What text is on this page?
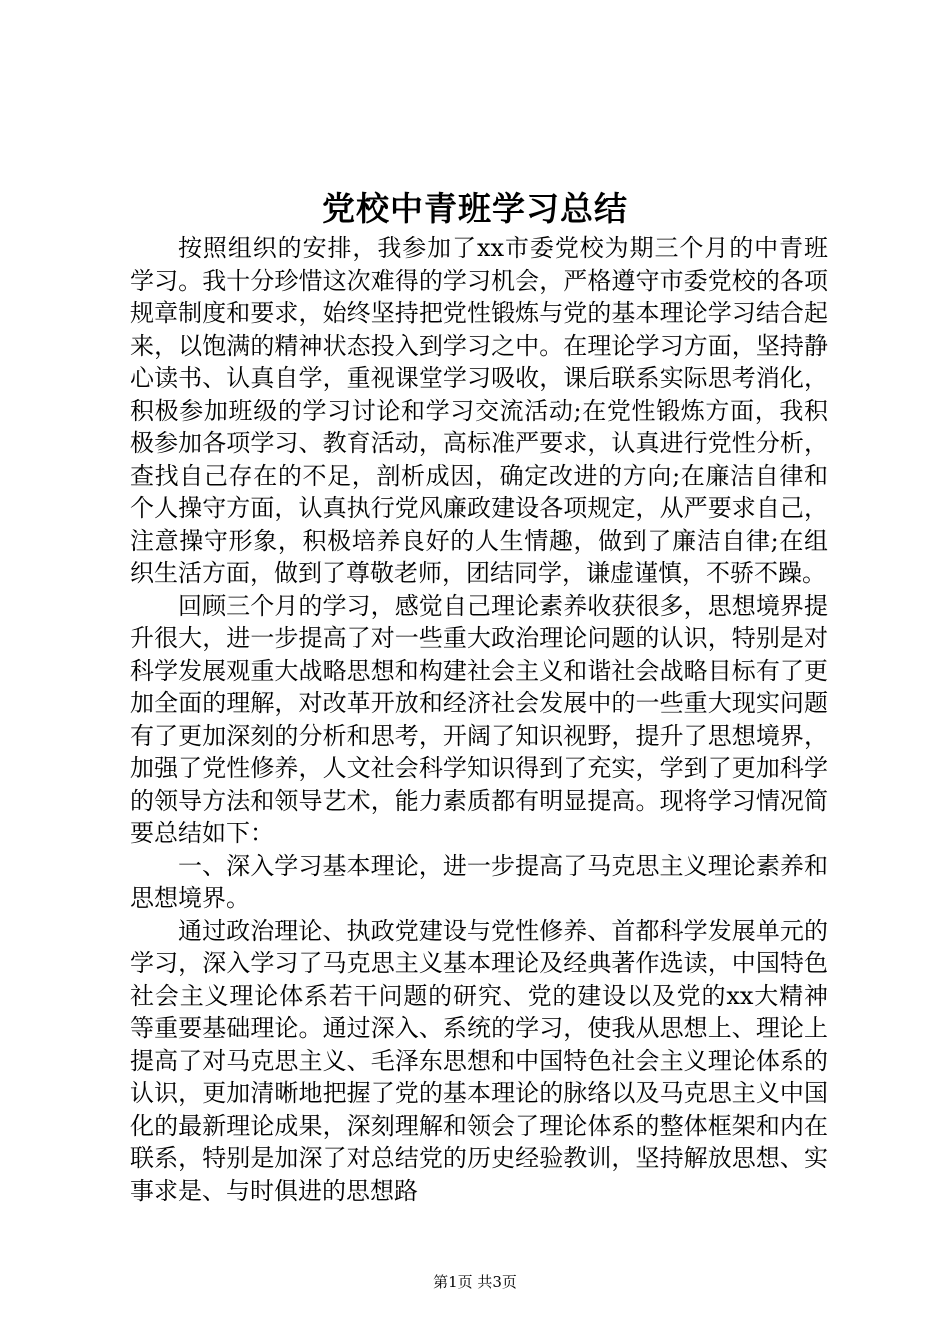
党校中青班学习总结

按照组织的安排，我参加了xx市委党校为期三个月的中青班学习。我十分珍惜这次难得的学习机会，严格遵守市委党校的各项规章制度和要求，始终坚持把党性锻炼与党的基本理论学习结合起来，以饱满的精神状态投入到学习之中。在理论学习方面，坚持静心读书、认真自学，重视课堂学习吸收，课后联系实际思考消化，积极参加班级的学习讨论和学习交流活动;在党性锻炼方面，我积极参加各项学习、教育活动，高标准严要求，认真进行党性分析，查找自己存在的不足，剖析成因，确定改进的方向;在廉洁自律和个人操守方面，认真执行党风廉政建设各项规定，从严要求自己，注意操守形象，积极培养良好的人生情趣，做到了廉洁自律;在组织生活方面，做到了尊敬老师，团结同学，谦虚谨慎，不骄不躁。

回顾三个月的学习，感觉自己理论素养收获很多，思想境界提升很大，进一步提高了对一些重大政治理论问题的认识，特别是对科学发展观重大战略思想和构建社会主义和谐社会战略目标有了更加全面的理解，对改革开放和经济社会发展中的一些重大现实问题有了更加深刻的分析和思考，开阔了知识视野，提升了思想境界，加强了党性修养，人文社会科学知识得到了充实，学到了更加科学的领导方法和领导艺术，能力素质都有明显提高。现将学习情况简要总结如下：

一、深入学习基本理论，进一步提高了马克思主义理论素养和思想境界。

通过政治理论、执政党建设与党性修养、首都科学发展单元的学习，深入学习了马克思主义基本理论及经典著作选读，中国特色社会主义理论体系若干问题的研究、党的建设以及党的xx大精神等重要基础理论。通过深入、系统的学习，使我从思想上、理论上提高了对马克思主义、毛泽东思想和中国特色社会主义理论体系的认识，更加清晰地把握了党的基本理论的脉络以及马克思主义中国化的最新理论成果，深刻理解和领会了理论体系的整体框架和内在联系，特别是加深了对总结党的历史经验教训，坚持解放思想、实事求是、与时俱进的思想路

第1页 共3页
